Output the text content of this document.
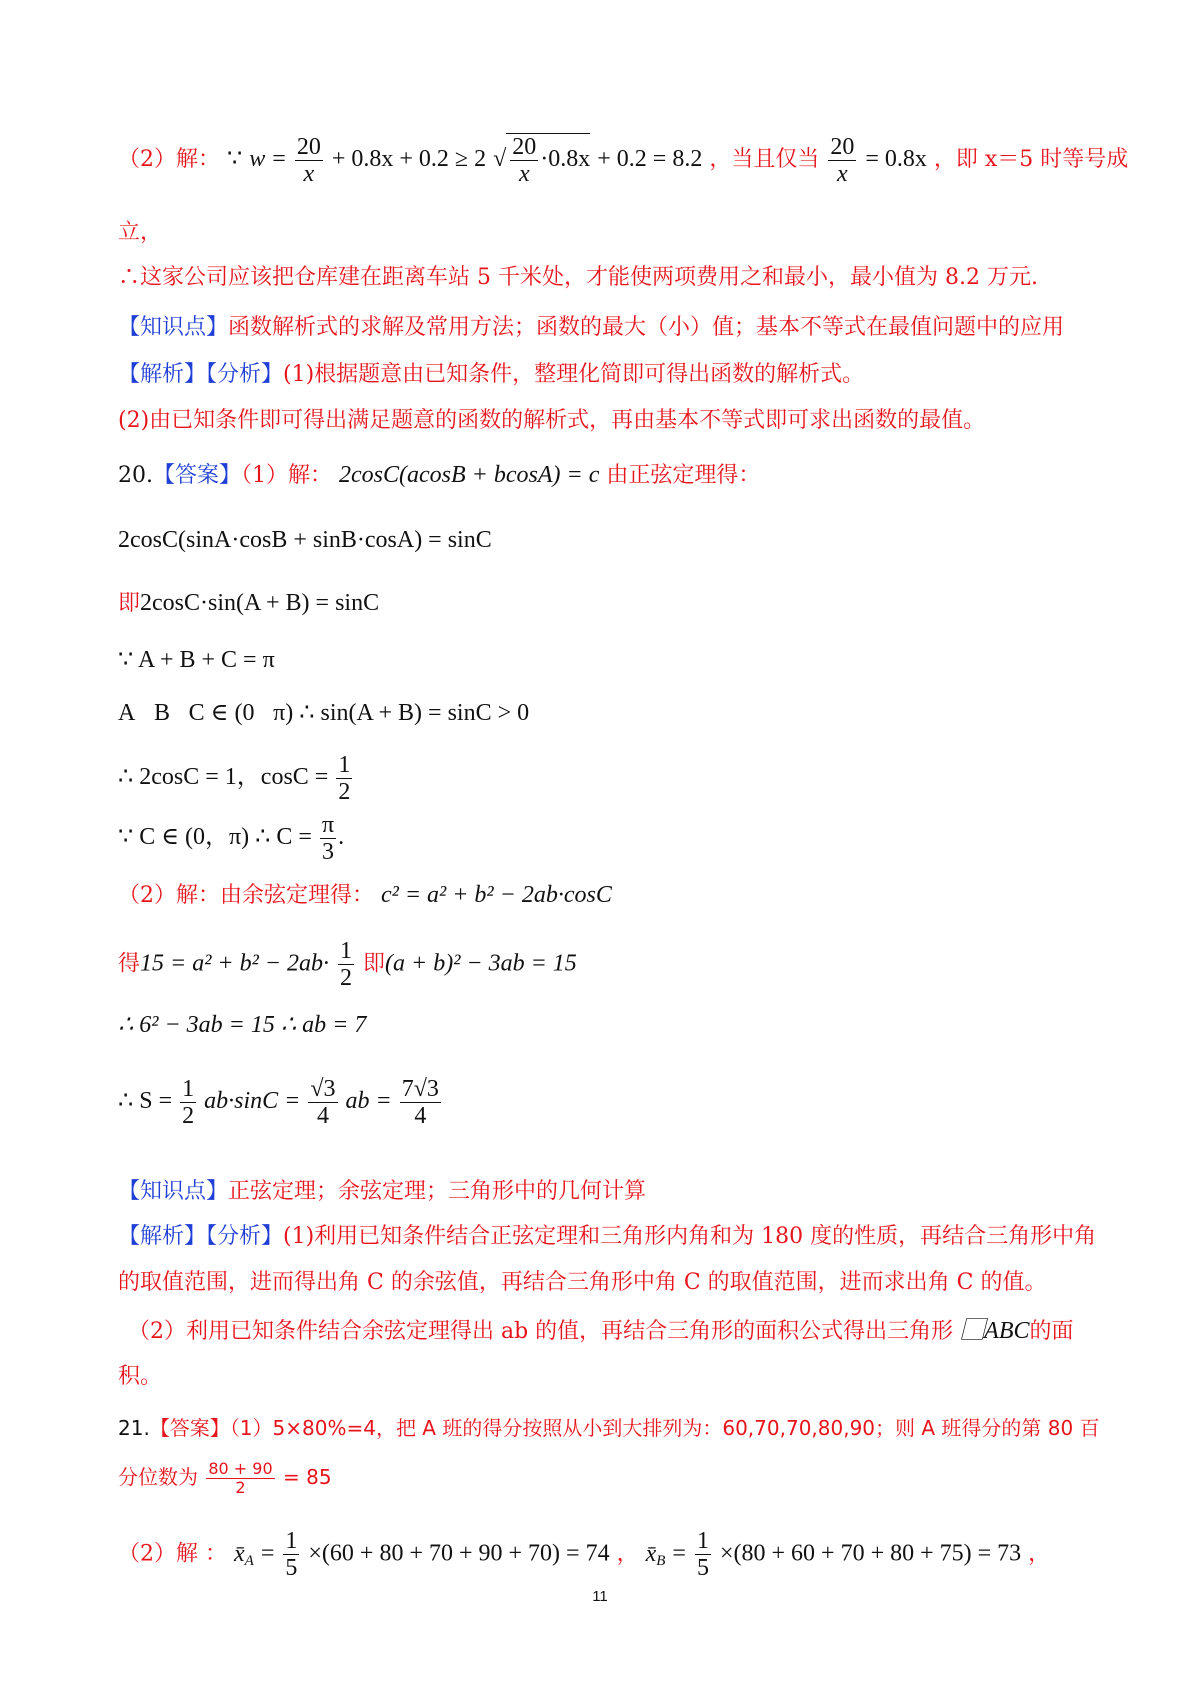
（2）解： ∵ $w = \frac{20}{x} + 0.8x + 0.2 \ge 2$ √ $\frac{20}{x} \cdot 0.8x + 0.2 = 8.2$ ，当且仅当 $\frac{20}{x} = 0.8x$ ，即 x＝5 时等号成
立，
∴这家公司应该把仓库建在距离车站 5 千米处，才能使两项费用之和最小，最小值为 8.2 万元.
【知识点】函数解析式的求解及常用方法；函数的最大（小）值；基本不等式在最值问题中的应用
【解析】【分析】(1)根据题意由已知条件，整理化简即可得出函数的解析式。
(2)由已知条件即可得出满足题意的函数的解析式，再由基本不等式即可求出函数的最值。
20.【答案】（1）解： 2cosC(acosB + bcosA) = c 由正弦定理得：
2cosC(sinA·cosB + sinB·cosA) = sinC
即2cosC·sin(A + B) = sinC
∵ A + B + C = π
A，B⃞C ∈ (0，π) ∴ sin(A + B) = sinC > 0
∴ 2cosC = 1，$\cos C = \frac{1}{2}$
∵ C ∈ (0，π) ∴ $C = \frac{\pi}{3}$ .
（2）解：由余弦定理得： c² = a² + b² − 2ab·cosC
得$15 = a^2 + b^2 - 2ab\cdot \frac{1}{2}$ 即(a + b)² − 3ab = 15
∴ 6² − 3ab = 15 ∴ ab = 7
∴ $S = \frac{1}{2} ab\cdot\sin C = \frac{√3}{4}$ ab = $\frac{7√3}{4}$
【知识点】正弦定理；余弦定理；三角形中的几何计算
【解析】【分析】(1)利用已知条件结合正弦定理和三角形内角和为 180 度的性质，再结合三角形中角
的取值范围，进而得出角 C 的余弦值，再结合三角形中角 C 的取值范围，进而求出角 C 的值。
（2）利用已知条件结合余弦定理得出 ab 的值，再结合三角形的面积公式得出三角形 ⃞ABC的面
积。
21.【答案】（1）5×80%=4，把 A 班的得分按照从小到大排列为：60,70,70,80,90；则 A 班得分的第 80 百
分位数为 $\frac{80 + 90}{2} = 85$
（2）解 ： $x̄_A = \frac{1}{5} \times(60 + 80 + 70 + 90 + 70) = 74$ ， $x̄_B = \frac{1}{5} \times(80 + 60 + 70 + 80 + 75) = 73$ ，
11
